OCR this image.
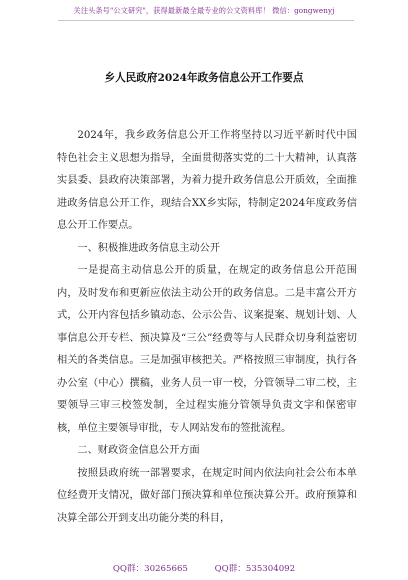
关注头条号"公文研究"，获得最新最全最专业的公文资料库！ 微信：gongwenyj
乡人民政府2024年政务信息公开工作要点

2024年，我乡政务信息公开工作将坚持以习近平新时代中国特色社会主义思想为指导，全面贯彻落实党的二十大精神，认真落实县委、县政府决策部署，为着力提升政务信息公开质效，全面推进政务信息公开工作，现结合XX乡实际，特制定2024年度政务信息公开工作要点。

一、积极推进政务信息主动公开

一是提高主动信息公开的质量，在规定的政务信息公开范围内，及时发布和更新应依法主动公开的政务信息。二是丰富公开方式，公开内容包括乡镇动态、公示公告、议案提案、规划计划、人事信息公开专栏、预决算及“三公”经费等与人民群众切身利益密切相关的各类信息。三是加强审核把关。严格按照三审制度，执行各办公室（中心）撰稿，业务人员一审一校，分管领导二审二校，主要领导三审三校签发制，全过程实施分管领导负责文字和保密审核，单位主要领导审批，专人网站发布的签批流程。

二、财政资金信息公开方面

按照县政府统一部署要求，在规定时间内依法向社会公布本单位经费开支情况，做好部门预决算和单位预决算公开。政府预算和决算全部公开到支出功能分类的科目，

QQ群：30265665	QQ群：535304092
